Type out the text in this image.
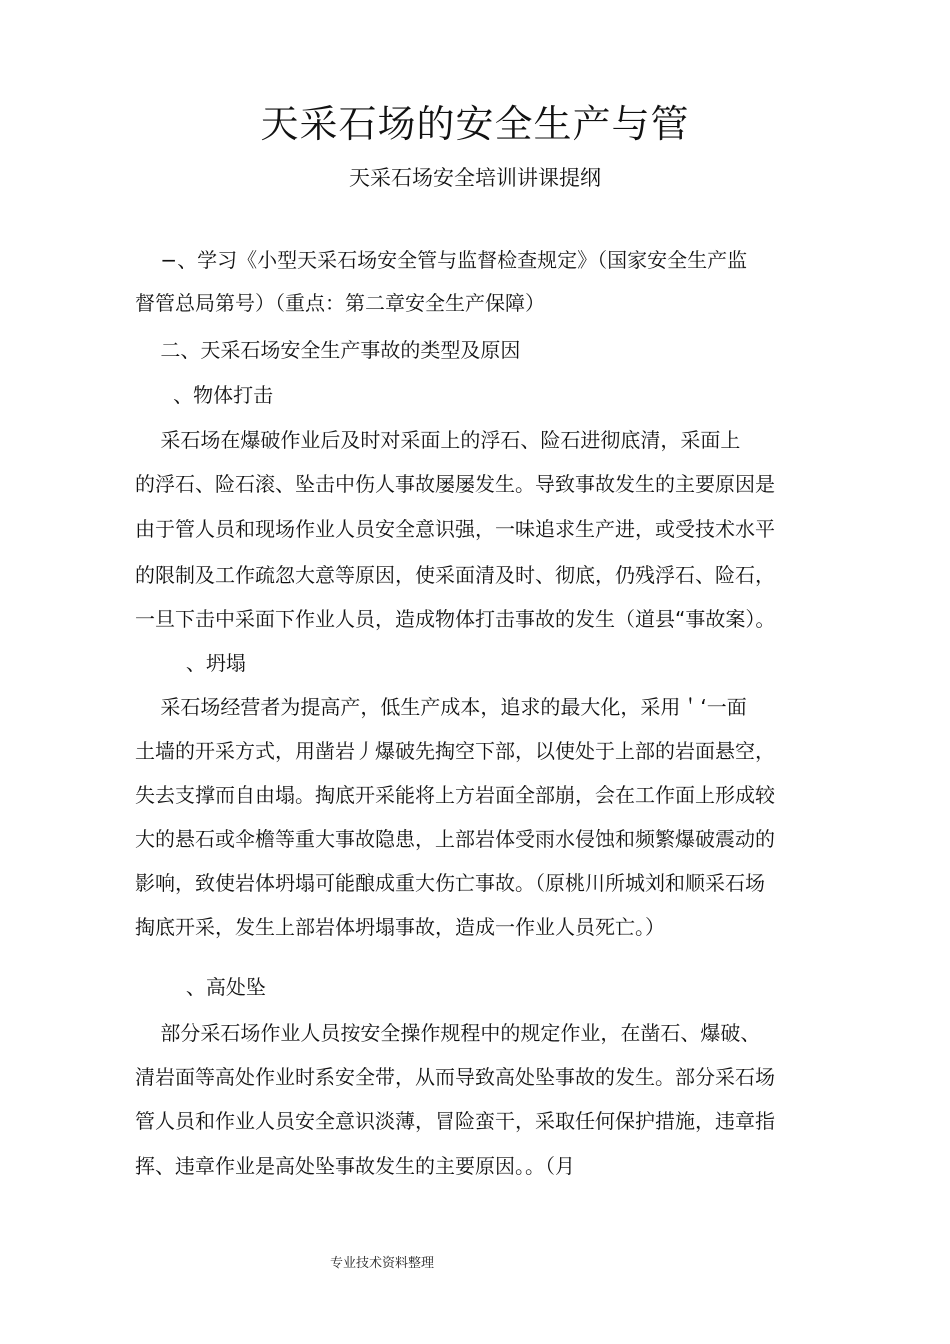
天采石场的安全生产与管

天采石场安全培训讲课提纲

−、学习《小型天采石场安全管与监督检查规定》（国家安全生产监

督管总局第号）（重点：第二章安全生产保障）

二、天采石场安全生产事故的类型及原因

、物体打击

采石场在爆破作业后及时对采面上的浮石、险石进彻底清，采面上

的浮石、险石滚、坠击中伤人事故屡屡发生。导致事故发生的主要原因是

由于管人员和现场作业人员安全意识强，一味追求生产进，或受技术水平

的限制及工作疏忽大意等原因，使采面清及时、彻底，仍残浮石、险石，

一旦下击中采面下作业人员，造成物体打击事故的发生（道县“事故案）。

、坍塌

采石场经营者为提高产，低生产成本，追求的最大化，采用＇‘一面

土墙的开采方式，用凿岩丿爆破先掏空下部，以使处于上部的岩面悬空，

失去支撑而自由塌。掏底开采能将上方岩面全部崩，会在工作面上形成较

大的悬石或伞檐等重大事故隐患，上部岩体受雨水侵蚀和频繁爆破震动的

影响，致使岩体坍塌可能酿成重大伤亡事故。（原桃川所城刘和顺采石场

掏底开采，发生上部岩体坍塌事故，造成一作业人员死亡。）

、高处坠

部分采石场作业人员按安全操作规程中的规定作业，在凿石、爆破、

清岩面等高处作业时系安全带，从而导致高处坠事故的发生。部分采石场

管人员和作业人员安全意识淡薄，冒险蛮干，采取任何保护措施，违章指

挥、违章作业是高处坠事故发生的主要原因。。（月

专业技术资料整理
